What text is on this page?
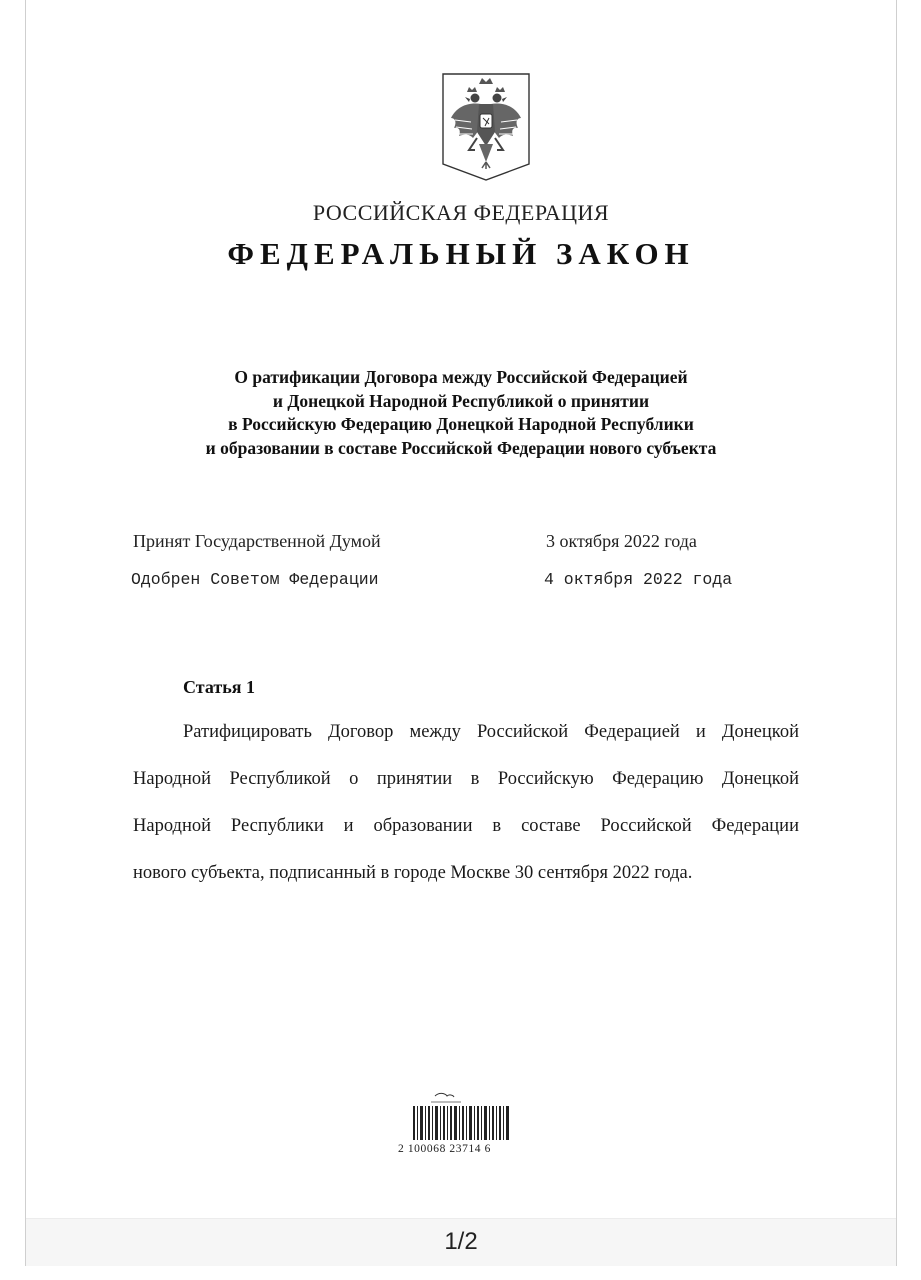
РОССИЙСКАЯ ФЕДЕРАЦИЯ
ФЕДЕРАЛЬНЫЙ ЗАКОН
О ратификации Договора между Российской Федерацией
и Донецкой Народной Республикой о принятии
в Российскую Федерацию Донецкой Народной Республики
и образовании в составе Российской Федерации нового субъекта
Принят Государственной Думой	3 октября 2022 года
Одобрен Советом Федерации	4 октября 2022 года
Статья 1
Ратифицировать Договор между Российской Федерацией и Донецкой
Народной Республикой о принятии в Российскую Федерацию Донецкой
Народной Республики и образовании в составе Российской Федерации
нового субъекта, подписанный в городе Москве 30 сентября 2022 года.
2 100068 23714 6
1/2
